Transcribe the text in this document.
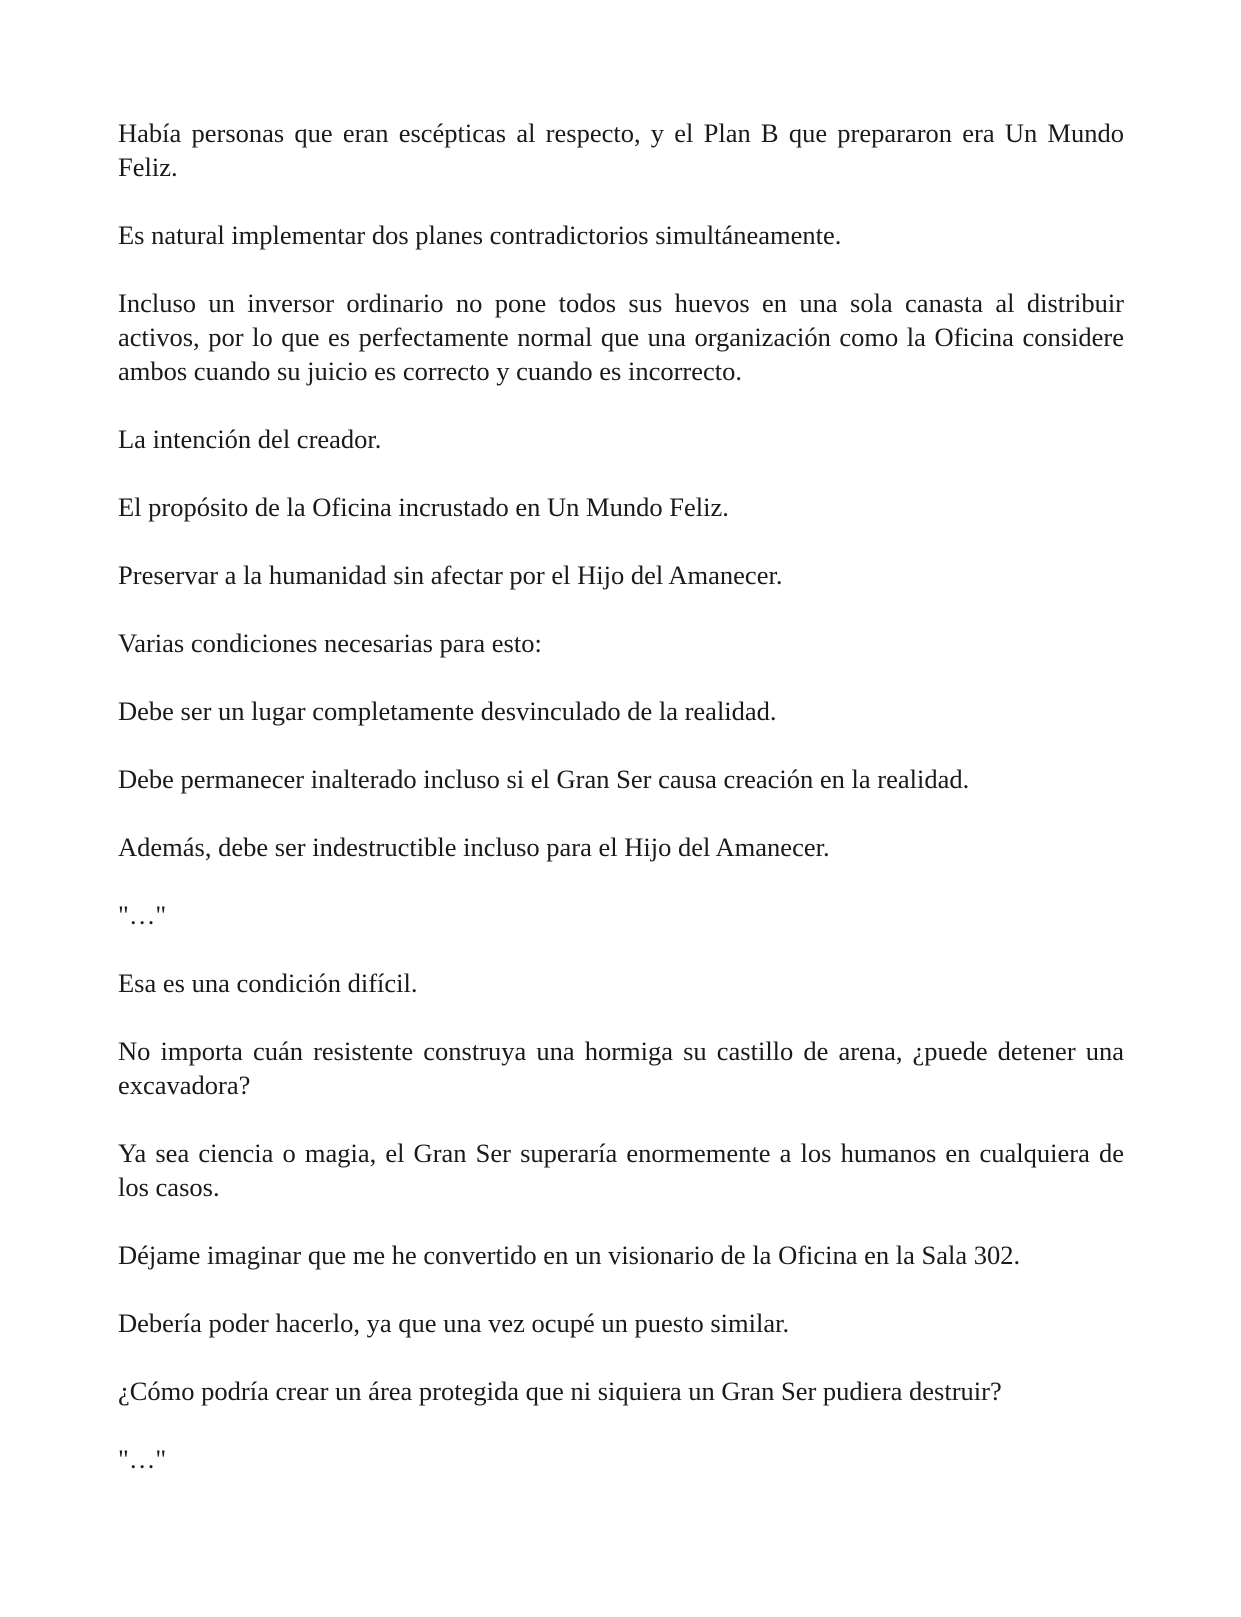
Había personas que eran escépticas al respecto, y el Plan B que prepararon era Un Mundo Feliz.

Es natural implementar dos planes contradictorios simultáneamente.

Incluso un inversor ordinario no pone todos sus huevos en una sola canasta al distribuir activos, por lo que es perfectamente normal que una organización como la Oficina considere ambos cuando su juicio es correcto y cuando es incorrecto.

La intención del creador.

El propósito de la Oficina incrustado en Un Mundo Feliz.

Preservar a la humanidad sin afectar por el Hijo del Amanecer.

Varias condiciones necesarias para esto:

Debe ser un lugar completamente desvinculado de la realidad.

Debe permanecer inalterado incluso si el Gran Ser causa creación en la realidad.

Además, debe ser indestructible incluso para el Hijo del Amanecer.

"…"

Esa es una condición difícil.

No importa cuán resistente construya una hormiga su castillo de arena, ¿puede detener una excavadora?

Ya sea ciencia o magia, el Gran Ser superaría enormemente a los humanos en cualquiera de los casos.

Déjame imaginar que me he convertido en un visionario de la Oficina en la Sala 302.

Debería poder hacerlo, ya que una vez ocupé un puesto similar.

¿Cómo podría crear un área protegida que ni siquiera un Gran Ser pudiera destruir?

"…"
